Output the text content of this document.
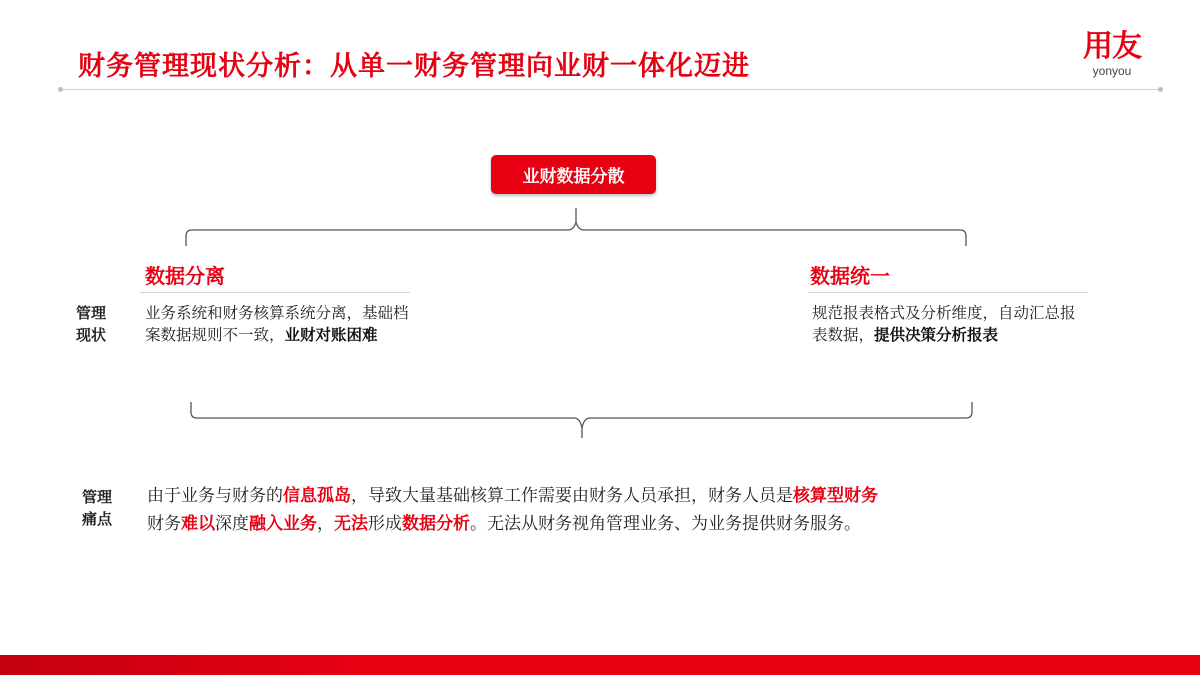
财务管理现状分析：从单一财务管理向业财一体化迈进
用友
yonyou
业财数据分散
数据分离	数据统一
管理
现状
业务系统和财务核算系统分离，基础档案数据规则不一致，业财对账困难
规范报表格式及分析维度，自动汇总报表数据，提供决策分析报表
管理
痛点
由于业务与财务的信息孤岛，导致大量基础核算工作需要由财务人员承担，财务人员是核算型财务
财务难以深度融入业务，无法形成数据分析。无法从财务视角管理业务、为业务提供财务服务。
